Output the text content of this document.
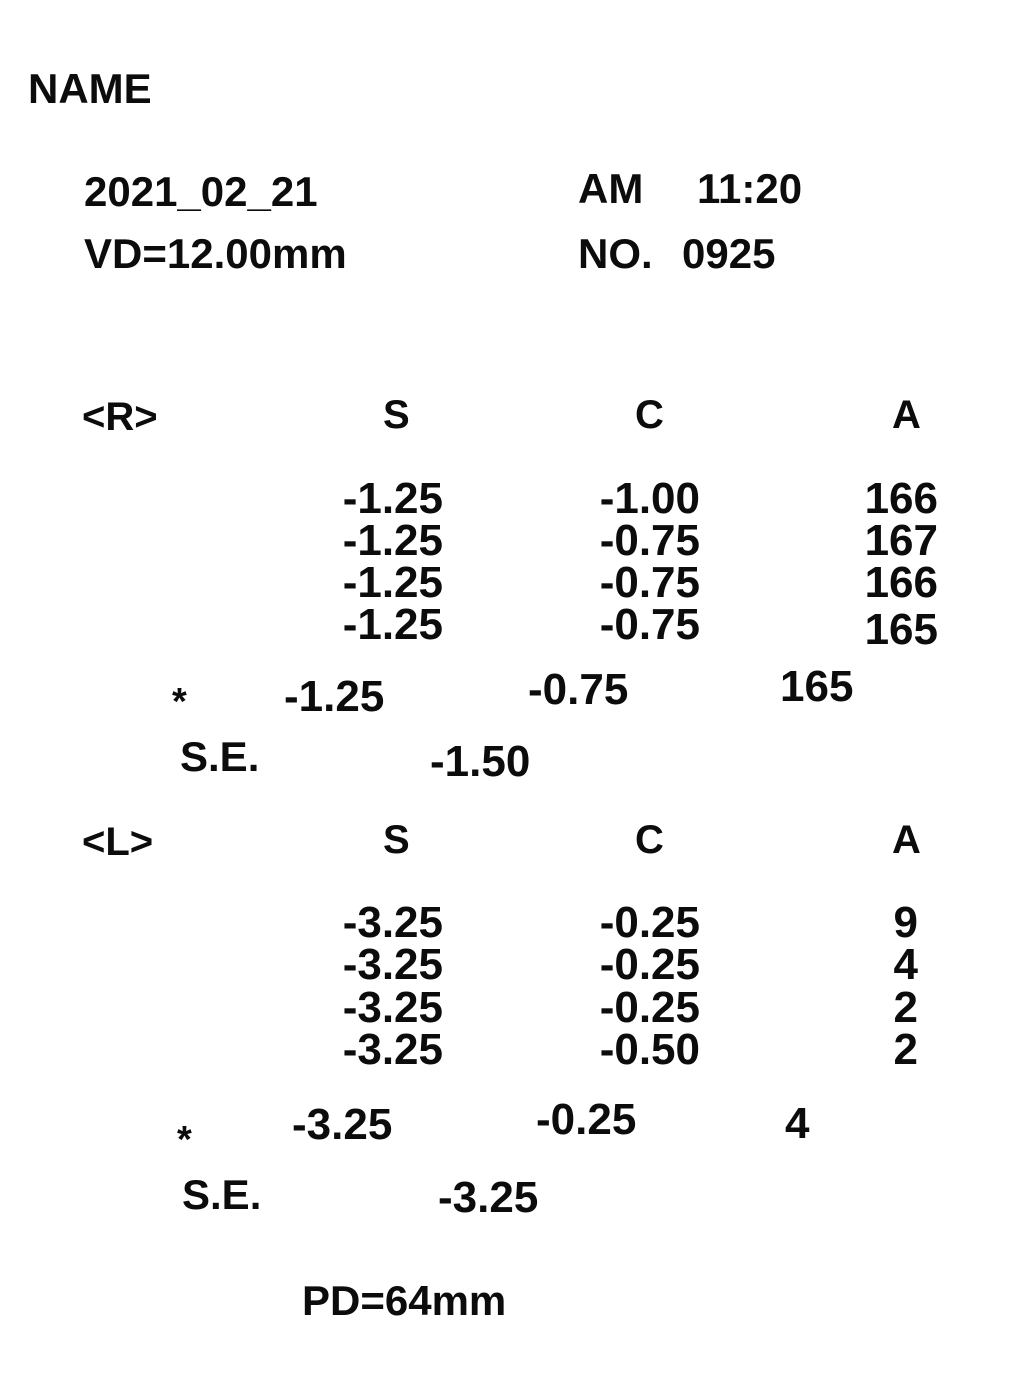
NAME
2021_02_21	AM 11:20
VD=12.00mm	NO. 0925
<R>	S	C	A
-1.25	-1.00	166
-1.25	-0.75	167
-1.25	-0.75	166
-1.25	-0.75	165
* -1.25	-0.75	165
S.E.	-1.50
<L>	S	C	A
-3.25	-0.25	9
-3.25	-0.25	4
-3.25	-0.25	2
-3.25	-0.50	2
* -3.25	-0.25	4
S.E.	-3.25
PD=64mm
